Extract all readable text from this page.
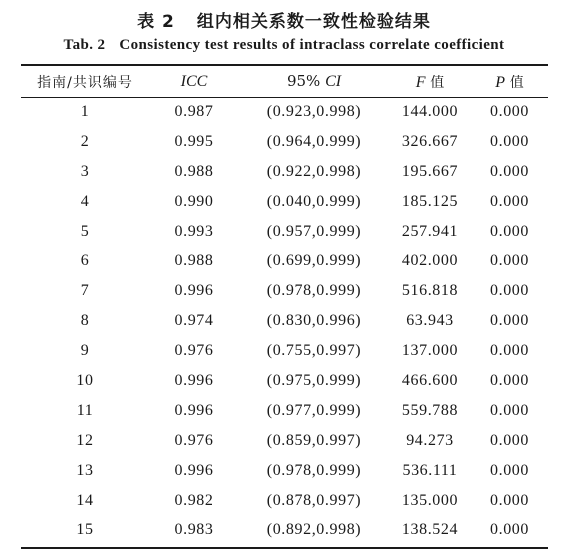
表 2 组内相关系数一致性检验结果
Tab. 2 Consistency test results of intraclass correlate coefficient
指南/共识编号	ICC	95% CI	F 值	P 值
1	0.987	(0.923,0.998)	144.000	0.000
2	0.995	(0.964,0.999)	326.667	0.000
3	0.988	(0.922,0.998)	195.667	0.000
4	0.990	(0.040,0.999)	185.125	0.000
5	0.993	(0.957,0.999)	257.941	0.000
6	0.988	(0.699,0.999)	402.000	0.000
7	0.996	(0.978,0.999)	516.818	0.000
8	0.974	(0.830,0.996)	63.943	0.000
9	0.976	(0.755,0.997)	137.000	0.000
10	0.996	(0.975,0.999)	466.600	0.000
11	0.996	(0.977,0.999)	559.788	0.000
12	0.976	(0.859,0.997)	94.273	0.000
13	0.996	(0.978,0.999)	536.111	0.000
14	0.982	(0.878,0.997)	135.000	0.000
15	0.983	(0.892,0.998)	138.524	0.000
